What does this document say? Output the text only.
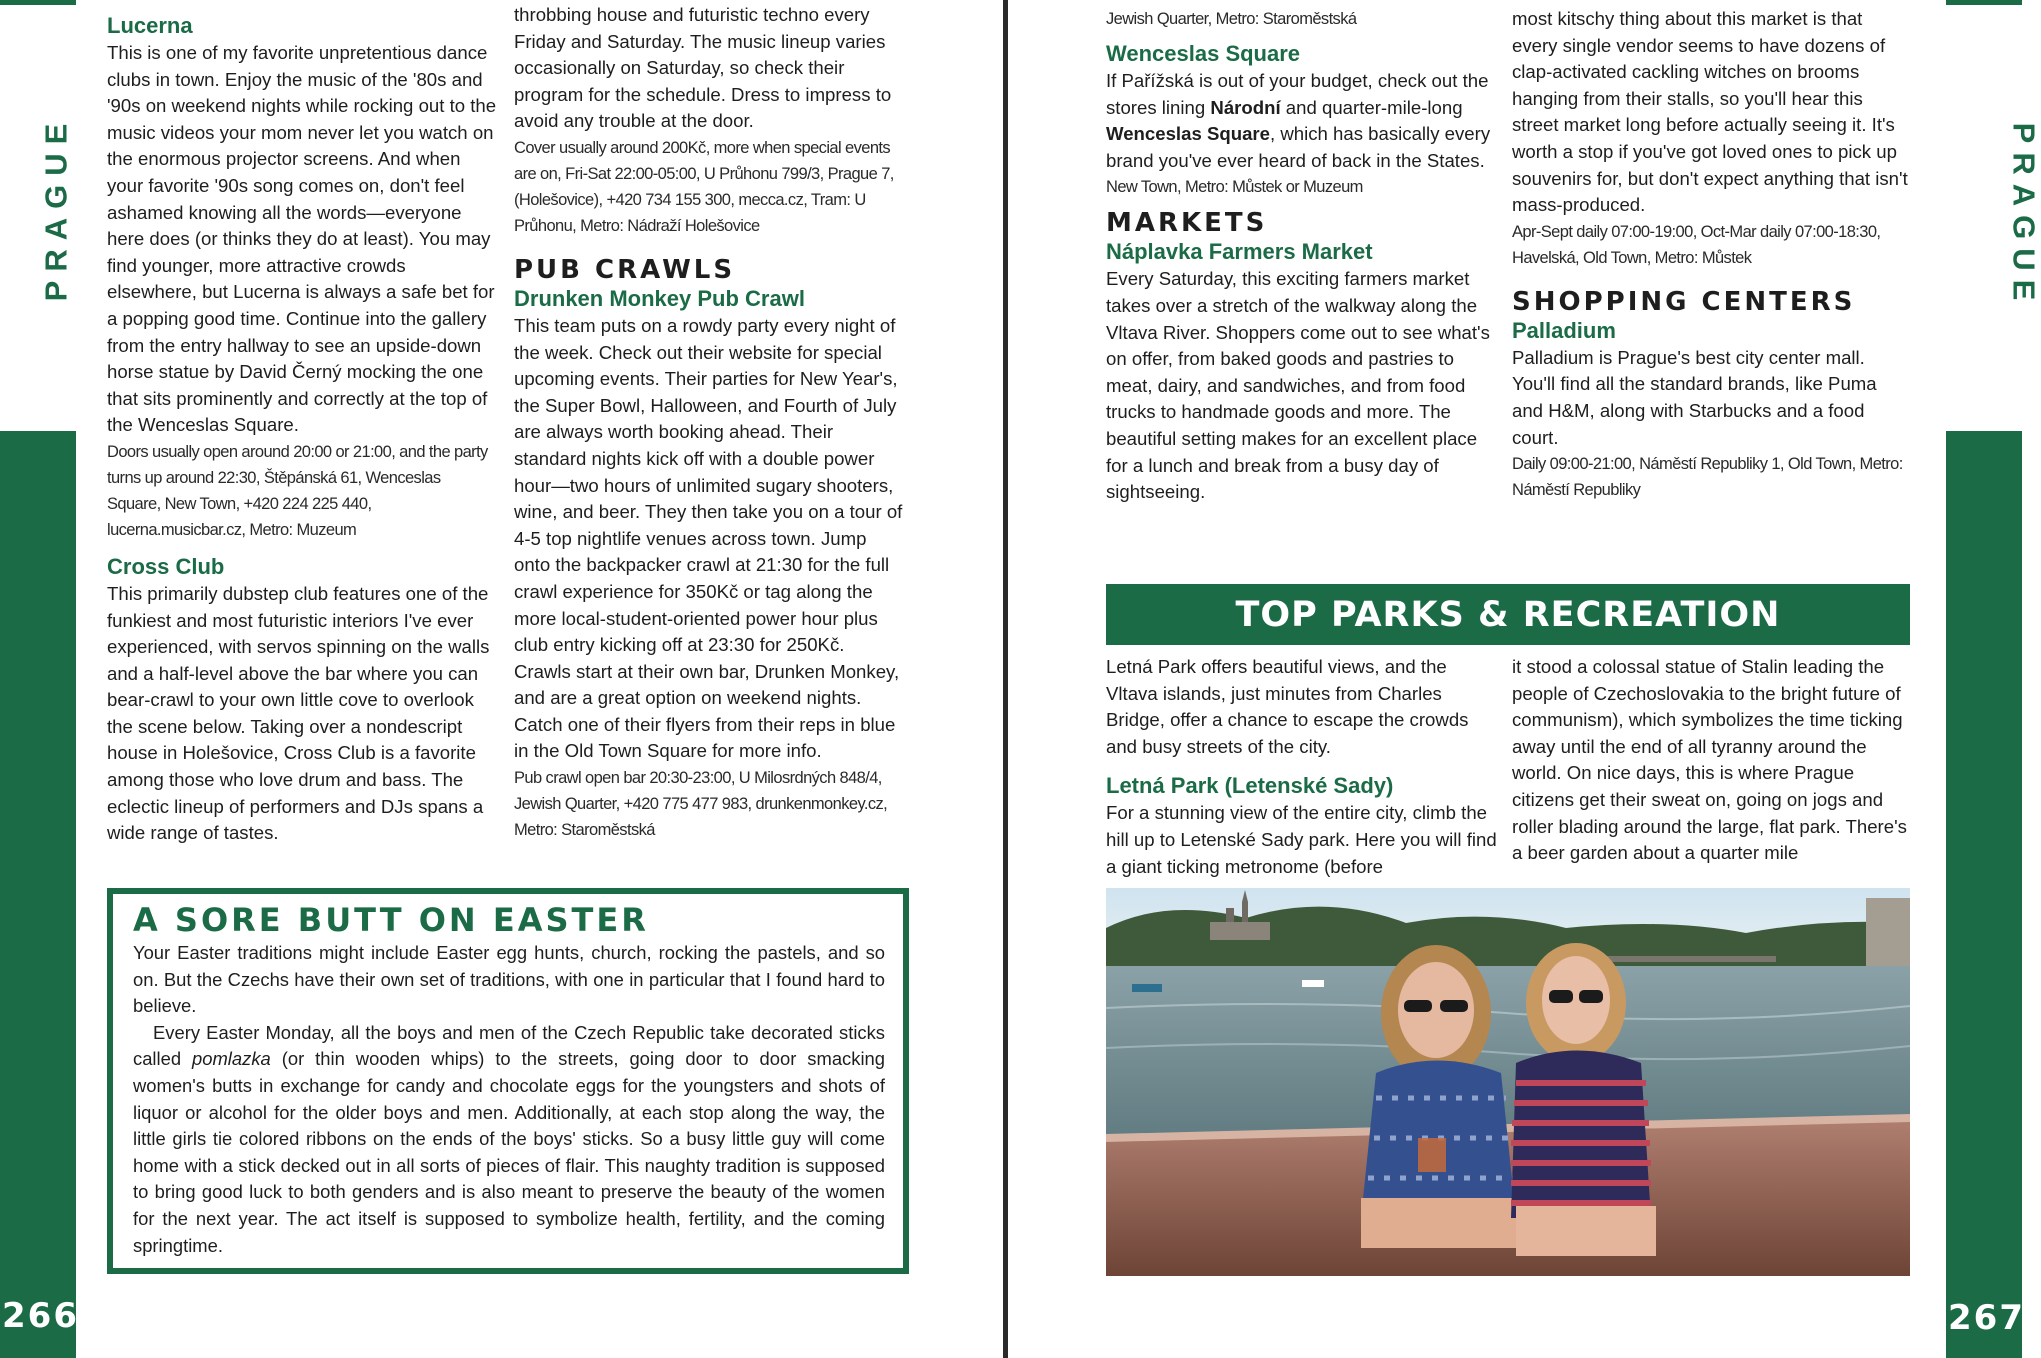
PRAGUE
266
Lucerna

This is one of my favorite unpretentious dance clubs in town. Enjoy the music of the '80s and '90s on weekend nights while rocking out to the music videos your mom never let you watch on the enormous projector screens. And when your favorite '90s song comes on, don't feel ashamed knowing all the words—everyone here does (or thinks they do at least). You may find younger, more attractive crowds elsewhere, but Lucerna is always a safe bet for a popping good time. Continue into the gallery from the entry hallway to see an upside-down horse statue by David Černý mocking the one that sits prominently and correctly at the top of the Wenceslas Square.

Doors usually open around 20:00 or 21:00, and the party turns up around 22:30, Štěpánská 61, Wenceslas Square, New Town, +420 224 225 440, lucerna.musicbar.cz, Metro: Muzeum

Cross Club

This primarily dubstep club features one of the funkiest and most futuristic interiors I've ever experienced, with servos spinning on the walls and a half-level above the bar where you can bear-crawl to your own little cove to overlook the scene below. Taking over a nondescript house in Holešovice, Cross Club is a favorite among those who love drum and bass. The eclectic lineup of performers and DJs spans a wide range of tastes.

throbbing house and futuristic techno every Friday and Saturday. The music lineup varies occasionally on Saturday, so check their program for the schedule. Dress to impress to avoid any trouble at the door.

Cover usually around 200Kč, more when special events are on, Fri-Sat 22:00-05:00, U Průhonu 799/3, Prague 7, (Holešovice), +420 734 155 300, mecca.cz, Tram: U Průhonu, Metro: Nádraží Holešovice

PUB CRAWLS
Drunken Monkey Pub Crawl

This team puts on a rowdy party every night of the week. Check out their website for special upcoming events. Their parties for New Year's, the Super Bowl, Halloween, and Fourth of July are always worth booking ahead. Their standard nights kick off with a double power hour—two hours of unlimited sugary shooters, wine, and beer. They then take you on a tour of 4-5 top nightlife venues across town. Jump onto the backpacker crawl at 21:30 for the full crawl experience for 350Kč or tag along the more local-student-oriented power hour plus club entry kicking off at 23:30 for 250Kč. Crawls start at their own bar, Drunken Monkey, and are a great option on weekend nights. Catch one of their flyers from their reps in blue in the Old Town Square for more info.

Pub crawl open bar 20:30-23:00, U Milosrdných 848/4, Jewish Quarter, +420 775 477 983, drunkenmonkey.cz, Metro: Staroměstská

A SORE BUTT ON EASTER

Your Easter traditions might include Easter egg hunts, church, rocking the pastels, and so on. But the Czechs have their own set of traditions, with one in particular that I found hard to believe.

Every Easter Monday, all the boys and men of the Czech Republic take decorated sticks called pomlazka (or thin wooden whips) to the streets, going door to door smacking women's butts in exchange for candy and chocolate eggs for the youngsters and shots of liquor or alcohol for the older boys and men. Additionally, at each stop along the way, the little girls tie colored ribbons on the ends of the boys' sticks. So a busy little guy will come home with a stick decked out in all sorts of pieces of flair. This naughty tradition is supposed to bring good luck to both genders and is also meant to preserve the beauty of the women for the next year. The act itself is supposed to symbolize health, fertility, and the coming springtime.

PRAGUE
267

Jewish Quarter, Metro: Staroměstská

Wenceslas Square

If Pařížská is out of your budget, check out the stores lining Národní and quarter-mile-long Wenceslas Square, which has basically every brand you've ever heard of back in the States.

New Town, Metro: Můstek or Muzeum

MARKETS
Náplavka Farmers Market

Every Saturday, this exciting farmers market takes over a stretch of the walkway along the Vltava River. Shoppers come out to see what's on offer, from baked goods and pastries to meat, dairy, and sandwiches, and from food trucks to handmade goods and more. The beautiful setting makes for an excellent place for a lunch and break from a busy day of sightseeing.

most kitschy thing about this market is that every single vendor seems to have dozens of clap-activated cackling witches on brooms hanging from their stalls, so you'll hear this street market long before actually seeing it. It's worth a stop if you've got loved ones to pick up souvenirs for, but don't expect anything that isn't mass-produced.

Apr-Sept daily 07:00-19:00, Oct-Mar daily 07:00-18:30, Havelská, Old Town, Metro: Můstek

SHOPPING CENTERS
Palladium

Palladium is Prague's best city center mall. You'll find all the standard brands, like Puma and H&M, along with Starbucks and a food court.

Daily 09:00-21:00, Náměstí Republiky 1, Old Town, Metro: Náměstí Republiky

TOP PARKS & RECREATION

Letná Park offers beautiful views, and the Vltava islands, just minutes from Charles Bridge, offer a chance to escape the crowds and busy streets of the city.

Letná Park (Letenské Sady)

For a stunning view of the entire city, climb the hill up to Letenské Sady park. Here you will find a giant ticking metronome (before

it stood a colossal statue of Stalin leading the people of Czechoslovakia to the bright future of communism), which symbolizes the time ticking away until the end of all tyranny around the world. On nice days, this is where Prague citizens get their sweat on, going on jogs and roller blading around the large, flat park. There's a beer garden about a quarter mile
